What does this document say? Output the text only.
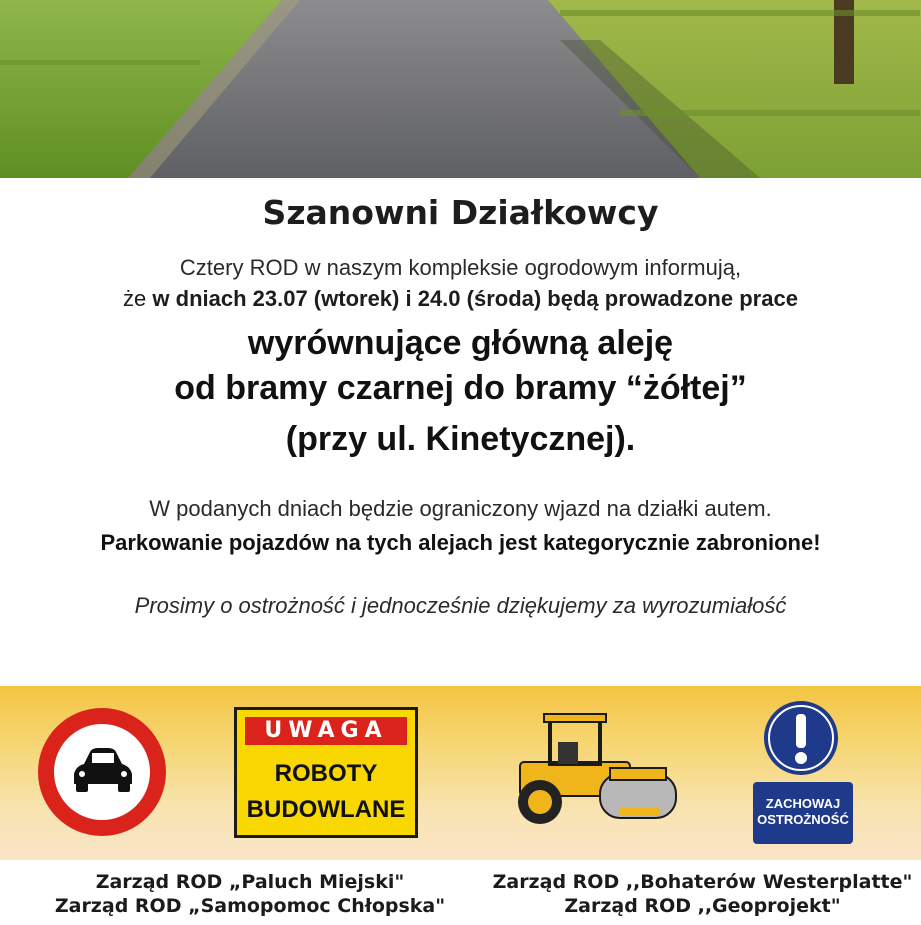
Szanowni Działkowcy
Cztery ROD w naszym kompleksie ogrodowym informują,
że w dniach 23.07 (wtorek) i 24.0 (środa) będą prowadzone prace
wyrównujące główną aleję
od bramy czarnej do bramy “żółtej”
(przy ul. Kinetycznej).
W podanych dniach będzie ograniczony wjazd na działki autem.
Parkowanie pojazdów na tych alejach jest kategorycznie zabronione!
Prosimy o ostrożność i jednocześnie dziękujemy za wyrozumiałość
UWAGA
ROBOTY
BUDOWLANE	ZACHOWAJ
OSTROŻNOŚĆ
Zarząd ROD „Paluch Miejski"
Zarząd ROD „Samopomoc Chłopska"
Zarząd ROD ,,Bohaterów Westerplatte"
Zarząd ROD ,,Geoprojekt"
